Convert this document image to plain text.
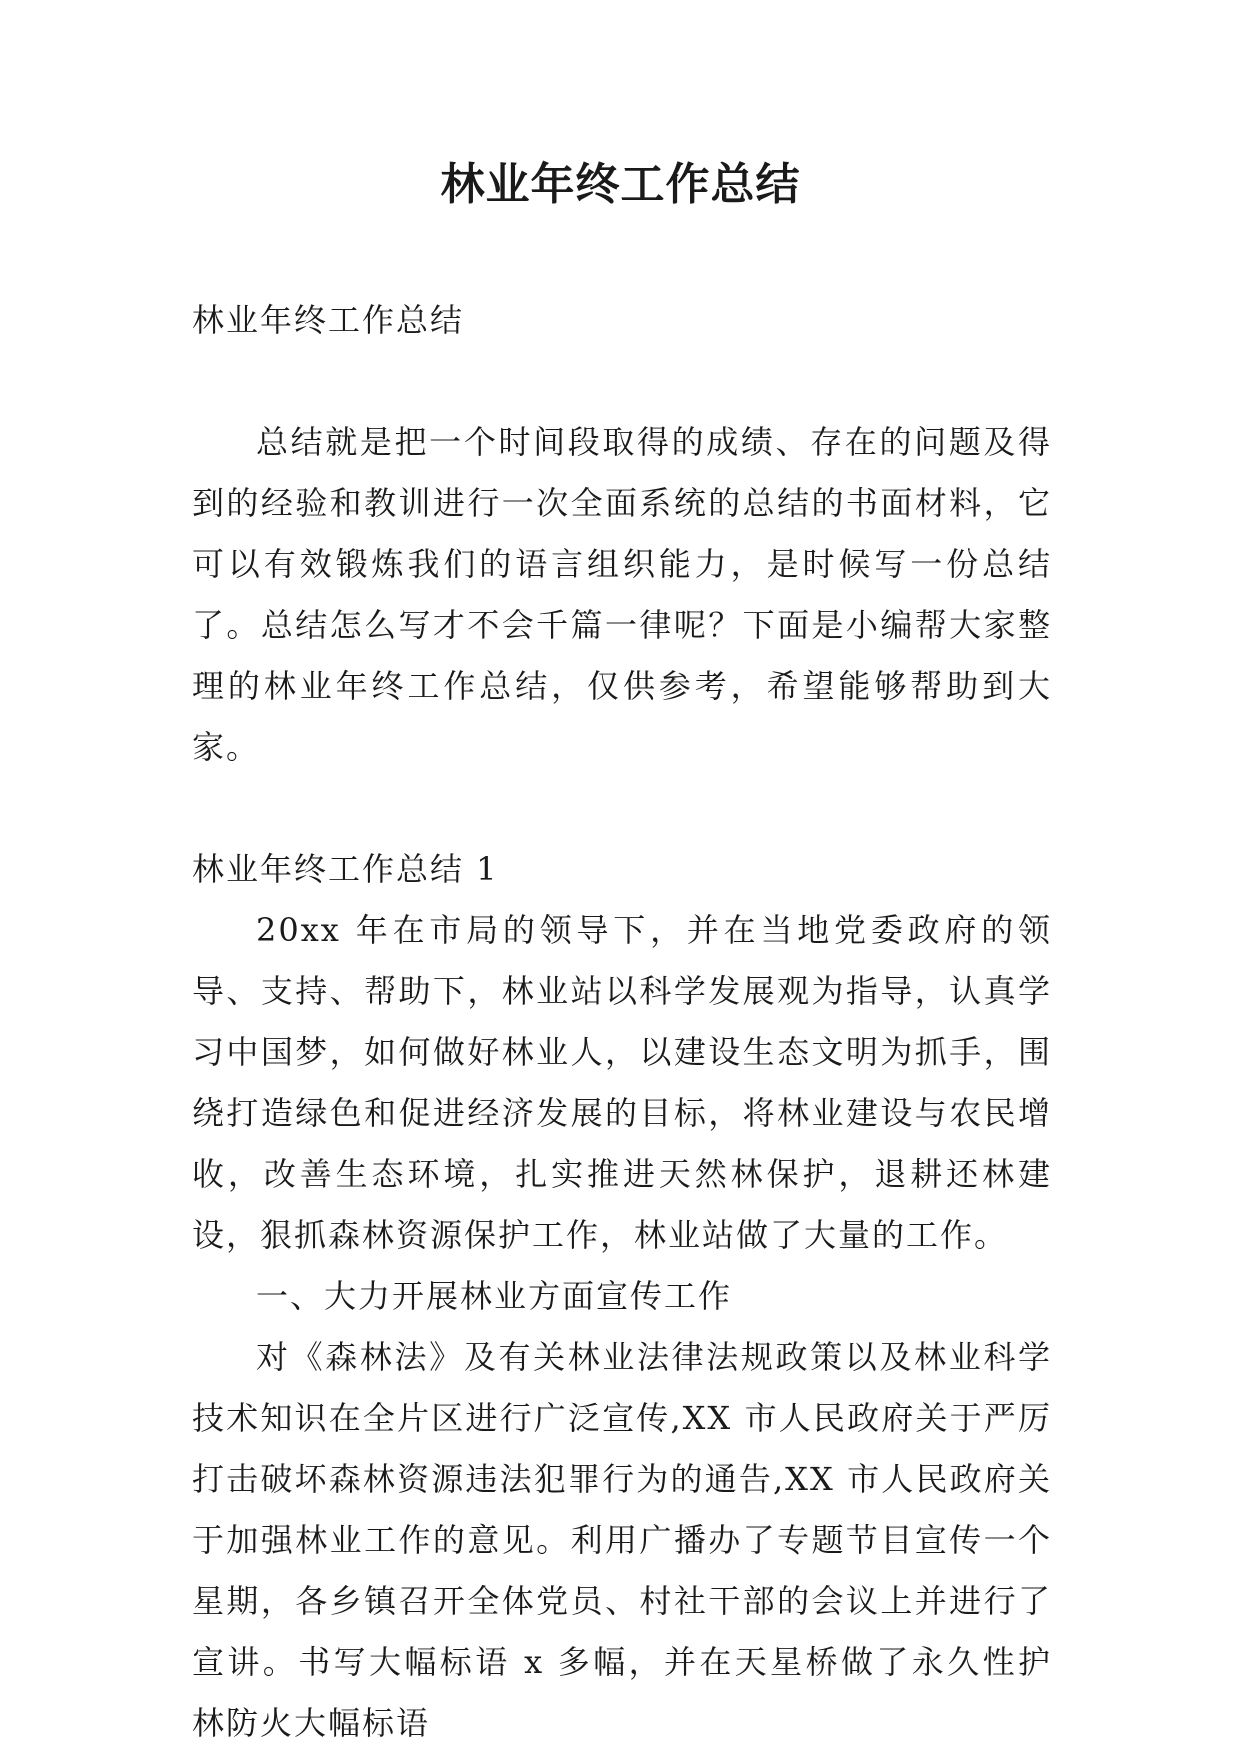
林业年终工作总结

林业年终工作总结

总结就是把一个时间段取得的成绩、存在的问题及得到的经验和教训进行一次全面系统的总结的书面材料，它可以有效锻炼我们的语言组织能力，是时候写一份总结了。总结怎么写才不会千篇一律呢？下面是小编帮大家整理的林业年终工作总结，仅供参考，希望能够帮助到大家。

林业年终工作总结 1

20xx 年在市局的领导下，并在当地党委政府的领导、支持、帮助下，林业站以科学发展观为指导，认真学习中国梦，如何做好林业人，以建设生态文明为抓手，围绕打造绿色和促进经济发展的目标，将林业建设与农民增收，改善生态环境，扎实推进天然林保护，退耕还林建设，狠抓森林资源保护工作，林业站做了大量的工作。

一、大力开展林业方面宣传工作

对《森林法》及有关林业法律法规政策以及林业科学技术知识在全片区进行广泛宣传,XX 市人民政府关于严厉打击破坏森林资源违法犯罪行为的通告,XX 市人民政府关于加强林业工作的意见。利用广播办了专题节目宣传一个星期，各乡镇召开全体党员、村社干部的会议上并进行了宣讲。书写大幅标语 x 多幅，并在天星桥做了永久性护林防火大幅标语
